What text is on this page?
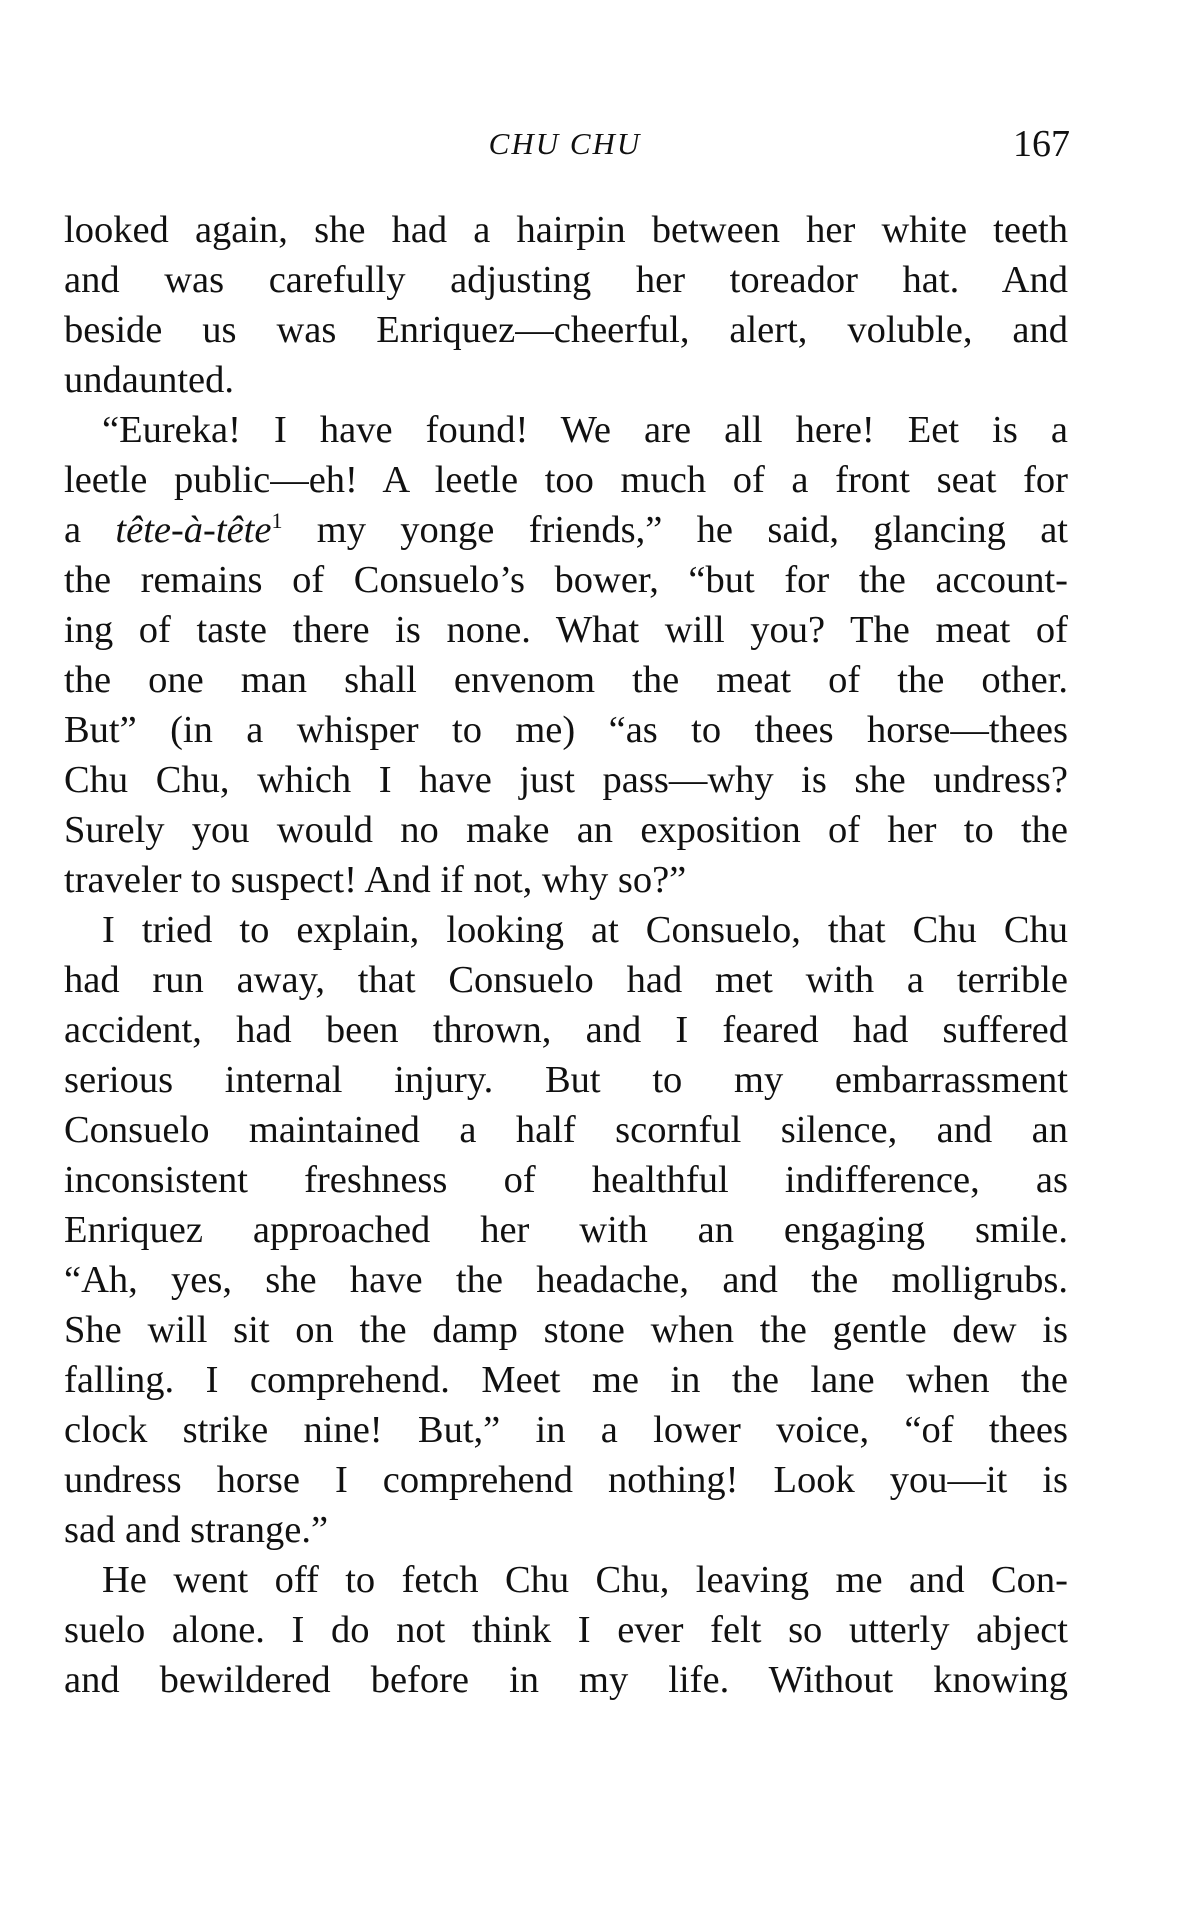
CHU CHU	167
looked again, she had a hairpin between her white teeth
and was carefully adjusting her toreador hat. And
beside us was Enriquez—cheerful, alert, voluble, and
undaunted.
“Eureka! I have found! We are all here! Eet is a
leetle public—eh! A leetle too much of a front seat for
a tête-à-tête$^1$ my yonge friends,” he said, glancing at
the remains of Consuelo’s bower, “but for the account-
ing of taste there is none. What will you? The meat of
the one man shall envenom the meat of the other.
But” (in a whisper to me) “as to thees horse—thees
Chu Chu, which I have just pass—why is she undress?
Surely you would no make an exposition of her to the
traveler to suspect! And if not, why so?”
I tried to explain, looking at Consuelo, that Chu Chu
had run away, that Consuelo had met with a terrible
accident, had been thrown, and I feared had suffered
serious internal injury. But to my embarrassment
Consuelo maintained a half scornful silence, and an
inconsistent freshness of healthful indifference, as
Enriquez approached her with an engaging smile.
“Ah, yes, she have the headache, and the molligrubs.
She will sit on the damp stone when the gentle dew is
falling. I comprehend. Meet me in the lane when the
clock strike nine! But,” in a lower voice, “of thees
undress horse I comprehend nothing! Look you—it is
sad and strange.”
He went off to fetch Chu Chu, leaving me and Con-
suelo alone. I do not think I ever felt so utterly abject
and bewildered before in my life. Without knowing
